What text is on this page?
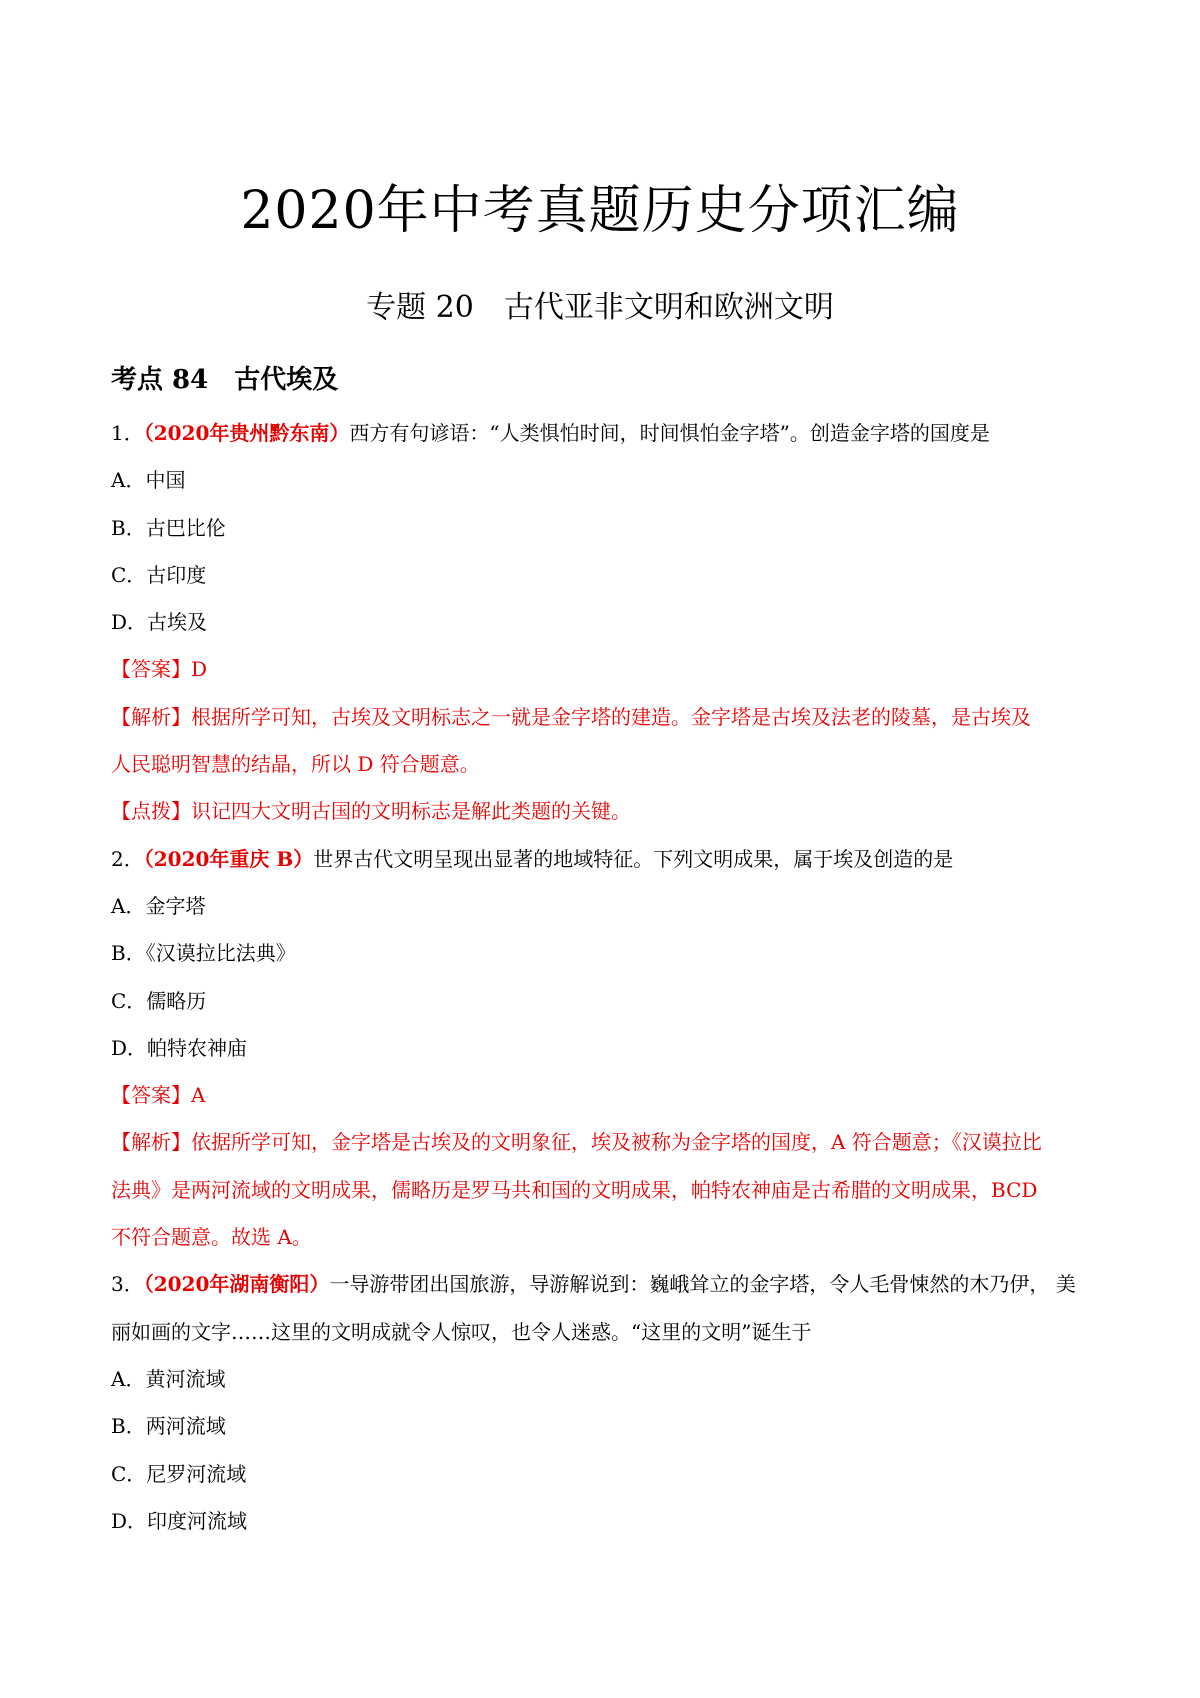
2020年中考真题历史分项汇编
专题 20　古代亚非文明和欧洲文明
考点 84　古代埃及
1．（2020年贵州黔东南）西方有句谚语：“人类惧怕时间，时间惧怕金字塔”。创造金字塔的国度是
A．中国
B．古巴比伦
C．古印度
D．古埃及
【答案】D
【解析】根据所学可知，古埃及文明标志之一就是金字塔的建造。金字塔是古埃及法老的陵墓，是古埃及
人民聪明智慧的结晶，所以 D 符合题意。
【点拨】识记四大文明古国的文明标志是解此类题的关键。
2．（2020年重庆 B）世界古代文明呈现出显著的地域特征。下列文明成果，属于埃及创造的是
A．金字塔
B．《汉谟拉比法典》
C．儒略历
D．帕特农神庙
【答案】A
【解析】依据所学可知，金字塔是古埃及的文明象征，埃及被称为金字塔的国度，A 符合题意；《汉谟拉比
法典》是两河流域的文明成果，儒略历是罗马共和国的文明成果，帕特农神庙是古希腊的文明成果，BCD
不符合题意。故选 A。
3．（2020年湖南衡阳）一导游带团出国旅游，导游解说到：巍峨耸立的金字塔，令人毛骨悚然的木乃伊， 美
丽如画的文字……这里的文明成就令人惊叹，也令人迷惑。“这里的文明”诞生于
A．黄河流域
B．两河流域
C．尼罗河流域
D．印度河流域
